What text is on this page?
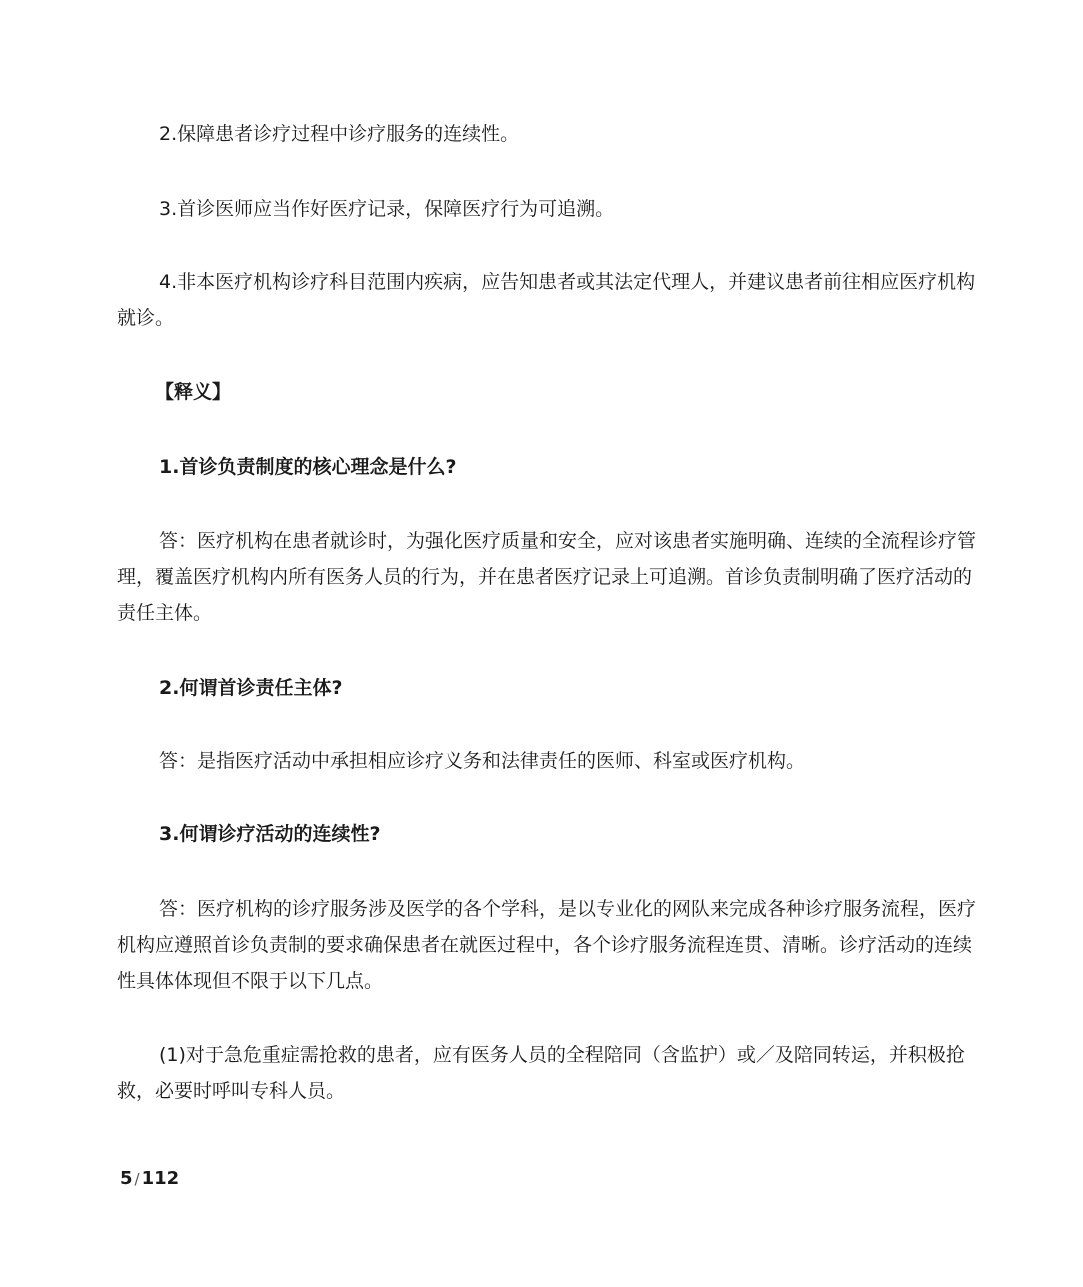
2.保障患者诊疗过程中诊疗服务的连续性。

3.首诊医师应当作好医疗记录，保障医疗行为可追溯。

4.非本医疗机构诊疗科目范围内疾病，应告知患者或其法定代理人，并建议患者前往相应医疗机构就诊。

【释义】

1.首诊负责制度的核心理念是什么?

答：医疗机构在患者就诊时，为强化医疗质量和安全，应对该患者实施明确、连续的全流程诊疗管理，覆盖医疗机构内所有医务人员的行为，并在患者医疗记录上可追溯。首诊负责制明确了医疗活动的责任主体。

2.何谓首诊责任主体?

答：是指医疗活动中承担相应诊疗义务和法律责任的医师、科室或医疗机构。

3.何谓诊疗活动的连续性?

答：医疗机构的诊疗服务涉及医学的各个学科，是以专业化的网队来完成各种诊疗服务流程，医疗机构应遵照首诊负责制的要求确保患者在就医过程中，各个诊疗服务流程连贯、清晰。诊疗活动的连续性具体体现但不限于以下几点。

(1)对于急危重症需抢救的患者，应有医务人员的全程陪同（含监护）或／及陪同转运，并积极抢救，必要时呼叫专科人员。

5 / 112
